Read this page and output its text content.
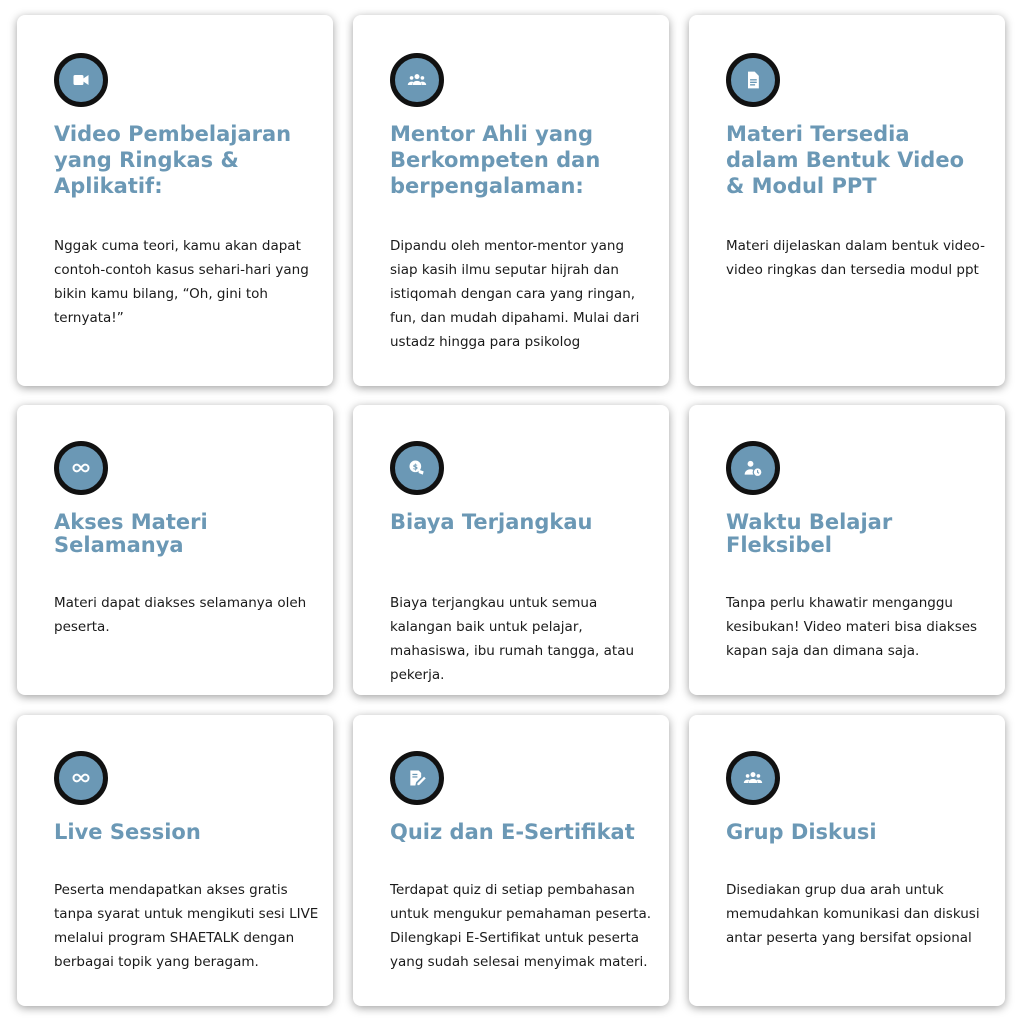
Video Pembelajaran yang Ringkas & Aplikatif:

Nggak cuma teori, kamu akan dapat contoh-contoh kasus sehari-hari yang bikin kamu bilang, “Oh, gini toh ternyata!”

Mentor Ahli yang Berkompeten dan berpengalaman:

Dipandu oleh mentor-mentor yang siap kasih ilmu seputar hijrah dan istiqomah dengan cara yang ringan, fun, dan mudah dipahami. Mulai dari ustadz hingga para psikolog

Materi Tersedia dalam Bentuk Video & Modul PPT

Materi dijelaskan dalam bentuk video-video ringkas dan tersedia modul ppt

Akses Materi Selamanya

Materi dapat diakses selamanya oleh peserta.

$
Biaya Terjangkau

Biaya terjangkau untuk semua kalangan baik untuk pelajar, mahasiswa, ibu rumah tangga, atau pekerja.

Waktu Belajar Fleksibel

Tanpa perlu khawatir menganggu kesibukan! Video materi bisa diakses kapan saja dan dimana saja.

Live Session

Peserta mendapatkan akses gratis tanpa syarat untuk mengikuti sesi LIVE melalui program SHAETALK dengan berbagai topik yang beragam.

Quiz dan E-Sertifikat

Terdapat quiz di setiap pembahasan untuk mengukur pemahaman peserta. Dilengkapi E-Sertifikat untuk peserta yang sudah selesai menyimak materi.

Grup Diskusi

Disediakan grup dua arah untuk memudahkan komunikasi dan diskusi antar peserta yang bersifat opsional
